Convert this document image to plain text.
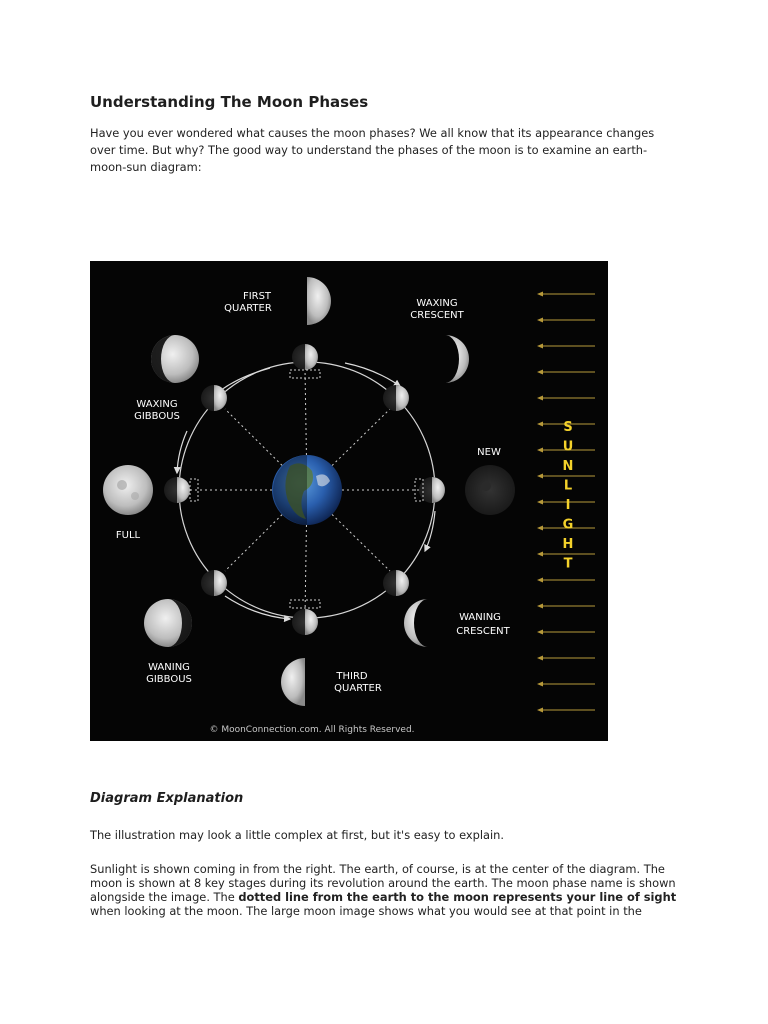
Understanding The Moon Phases

Have you ever wondered what causes the moon phases? We all know that its appearance changes over time. But why? The good way to understand the phases of the moon is to examine an earth-moon-sun diagram:

FIRST
QUARTER	WAXING
CRESCENT
WAXING
GIBBOUS
NEW
FULL
WANING
CRESCENT
WANING
GIBBOUS	THIRD
QUARTER
S
U
N
L
I
G
H
T
© MoonConnection.com. All Rights Reserved.
Diagram Explanation

The illustration may look a little complex at first, but it's easy to explain.

Sunlight is shown coming in from the right. The earth, of course, is at the center of the diagram. The moon is shown at 8 key stages during its revolution around the earth. The moon phase name is shown alongside the image. The dotted line from the earth to the moon represents your line of sight when looking at the moon. The large moon image shows what you would see at that point in the
